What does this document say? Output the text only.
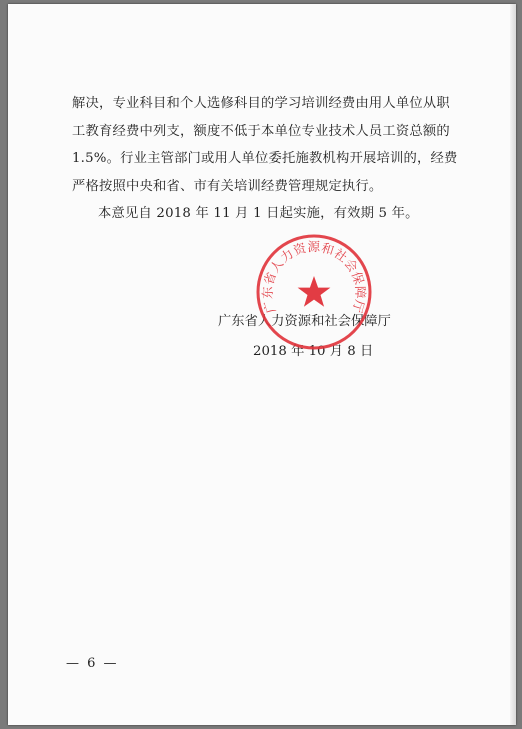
解决，专业科目和个人选修科目的学习培训经费由用人单位从职
工教育经费中列支，额度不低于本单位专业技术人员工资总额的
1.5%。行业主管部门或用人单位委托施教机构开展培训的，经费
严格按照中央和省、市有关培训经费管理规定执行。
本意见自 2018 年 11 月 1 日起实施，有效期 5 年。
广东省人力资源和社会保障厅
2018 年 10 月 8 日
广东省人力资源和社会保障厅
— 6 —
